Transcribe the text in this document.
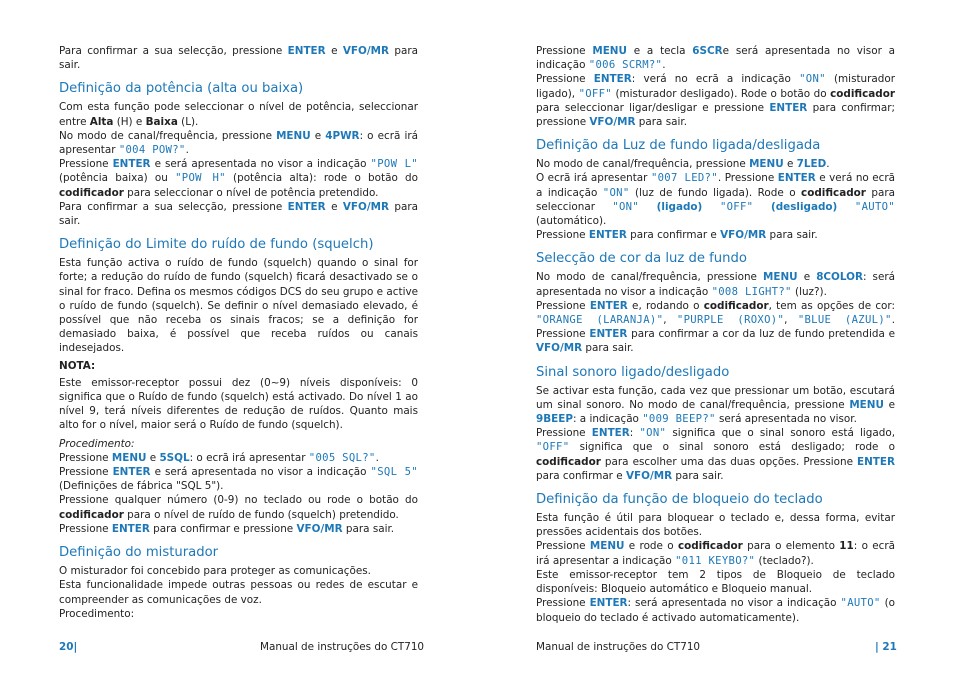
Para confirmar a sua selecção, pressione ENTER e VFO/MR para sair.

Definição da potência (alta ou baixa)

Com esta função pode seleccionar o nível de potência, seleccionar entre Alta (H) e Baixa (L).

No modo de canal/frequência, pressione MENU e 4PWR: o ecrã irá apresentar "004 POW?".

Pressione ENTER e será apresentada no visor a indicação "POW L" (potência baixa) ou "POW H" (potência alta): rode o botão do codificador para seleccionar o nível de potência pretendido.

Para confirmar a sua selecção, pressione ENTER e VFO/MR para sair.

Definição do Limite do ruído de fundo (squelch)

Esta função activa o ruído de fundo (squelch) quando o sinal for forte; a redução do ruído de fundo (squelch) ficará desactivado se o sinal for fraco. Defina os mesmos códigos DCS do seu grupo e active o ruído de fundo (squelch). Se definir o nível demasiado elevado, é possível que não receba os sinais fracos; se a definição for demasiado baixa, é possível que receba ruídos ou canais indesejados.

NOTA:

Este emissor-receptor possui dez (0~9) níveis disponíveis: 0 significa que o Ruído de fundo (squelch) está activado. Do nível 1 ao nível 9, terá níveis diferentes de redução de ruídos. Quanto mais alto for o nível, maior será o Ruído de fundo (squelch).

Procedimento:

Pressione MENU e 5SQL: o ecrã irá apresentar "005 SQL?".

Pressione ENTER e será apresentada no visor a indicação "SQL 5"(Definições de fábrica "SQL 5").

Pressione qualquer número (0-9) no teclado ou rode o botão do codificador para o nível de ruído de fundo (squelch) pretendido.

Pressione ENTER para confirmar e pressione VFO/MR para sair.

Definição do misturador

O misturador foi concebido para proteger as comunicações.

Esta funcionalidade impede outras pessoas ou redes de escutar e compreender as comunicações de voz.

Procedimento:

20|	Manual de instruções do CT710

Pressione MENU e a tecla 6SCRe será apresentada no visor a indicação "006 SCRM?".

Pressione ENTER: verá no ecrã a indicação "ON" (misturador ligado), "OFF" (misturador desligado). Rode o botão do codificador para seleccionar ligar/desligar e pressione ENTER para confirmar; pressione VFO/MR para sair.

Definição da Luz de fundo ligada/desligada

No modo de canal/frequência, pressione MENU e 7LED.

O ecrã irá apresentar "007 LED?". Pressione ENTER e verá no ecrã a indicação "ON" (luz de fundo ligada). Rode o codificador para seleccionar "ON" (ligado) "OFF" (desligado) "AUTO" (automático).

Pressione ENTER para confirmar e VFO/MR para sair.

Selecção de cor da luz de fundo

No modo de canal/frequência, pressione MENU e 8COLOR: será apresentada no visor a indicação "008 LIGHT?" (luz?).

Pressione ENTER e, rodando o codificador, tem as opções de cor: "ORANGE (LARANJA)", "PURPLE (ROXO)", "BLUE (AZUL)". Pressione ENTER para confirmar a cor da luz de fundo pretendida e VFO/MR para sair.

Sinal sonoro ligado/desligado

Se activar esta função, cada vez que pressionar um botão, escutará um sinal sonoro. No modo de canal/frequência, pressione MENU e 9BEEP: a indicação "009 BEEP?" será apresentada no visor.

Pressione ENTER: "ON" significa que o sinal sonoro está ligado, "OFF" significa que o sinal sonoro está desligado; rode o codificador para escolher uma das duas opções. Pressione ENTER para confirmar e VFO/MR para sair.

Definição da função de bloqueio do teclado

Esta função é útil para bloquear o teclado e, dessa forma, evitar pressões acidentais dos botões.

Pressione MENU e rode o codificador para o elemento 11: o ecrã irá apresentar a indicação "011 KEYBO?" (teclado?).

Este emissor-receptor tem 2 tipos de Bloqueio de teclado disponíveis: Bloqueio automático e Bloqueio manual.

Pressione ENTER: será apresentada no visor a indicação "AUTO" (o bloqueio do teclado é activado automaticamente).

Manual de instruções do CT710	| 21
